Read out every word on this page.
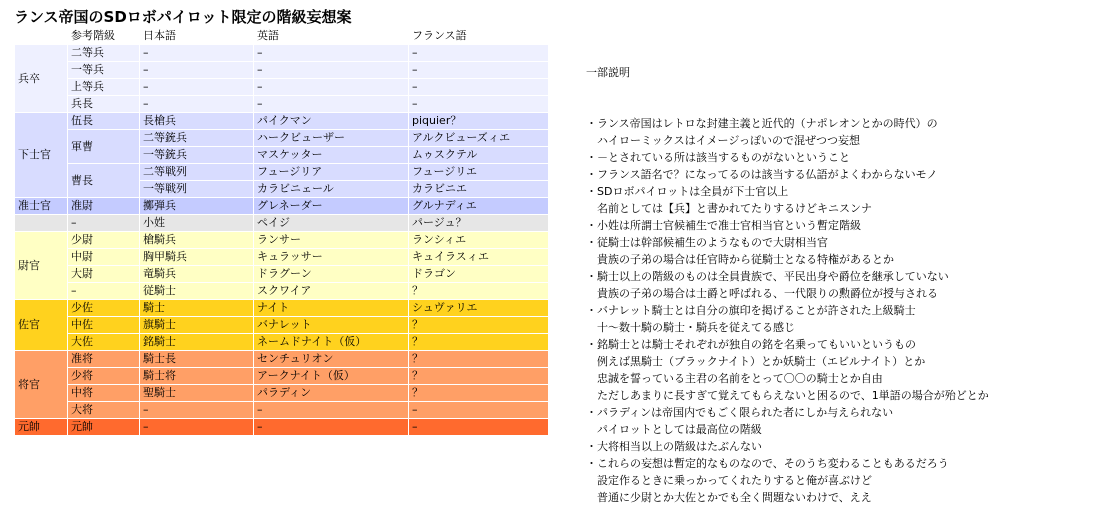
ランス帝国のSDロボパイロット限定の階級妄想案
	参考階級	日本語	英語	フランス語
兵卒	二等兵	–	–	–
	一等兵	–	–	–
	上等兵	–	–	–
	兵長	–	–	–
下士官	伍長	長槍兵	パイクマン	piquier？
	軍曹	二等銃兵	ハークビューザー	アルクビューズィエ
		一等銃兵	マスケッター	ムゥスクテル
	曹長	二等戦列	フュージリア	フュージリエ
		一等戦列	カラビニェール	カラビニエ
准士官	准尉	擲弾兵	グレネーダー	グルナディエ
	–	小姓	ペイジ	パージュ？
尉官	少尉	槍騎兵	ランサー	ランシィエ
	中尉	胸甲騎兵	キュラッサー	キュイラスィエ
	大尉	竜騎兵	ドラグーン	ドラゴン
	–	従騎士	スクワイア	？
佐官	少佐	騎士	ナイト	シュヴァリエ
	中佐	旗騎士	バナレット	？
	大佐	銘騎士	ネームドナイト（仮）	？
将官	准将	騎士長	センチュリオン	？
	少将	騎士将	アークナイト（仮）	？
	中将	聖騎士	パラディン	？
	大将	–	–	–
元帥	元帥	–	–	–

一部説明

・ランス帝国はレトロな封建主義と近代的（ナポレオンとかの時代）の
　ハイローミックスはイメージっぽいので混ぜつつ妄想
・－とされている所は該当するものがないということ
・フランス語名で？になってるのは該当する仏語がよくわからないモノ
・SDロボパイロットは全員が下士官以上
　名前としては【兵】と書かれてたりするけどキニスンナ
・小姓は所謂士官候補生で准士官相当官という暫定階級
・従騎士は幹部候補生のようなもので大尉相当官
　貴族の子弟の場合は任官時から従騎士となる特権があるとか
・騎士以上の階級のものは全員貴族で、平民出身や爵位を継承していない
　貴族の子弟の場合は士爵と呼ばれる、一代限りの勲爵位が授与される
・バナレット騎士とは自分の旗印を掲げることが許された上級騎士
　十～数十騎の騎士・騎兵を従えてる感じ
・銘騎士とは騎士それぞれが独自の銘を名乗ってもいいというもの
　例えば黒騎士（ブラックナイト）とか妖騎士（エビルナイト）とか
　忠誠を誓っている主君の名前をとって〇〇の騎士とか自由
　ただしあまりに長すぎて覚えてもらえないと困るので、1単語の場合が殆どとか
・パラディンは帝国内でもごく限られた者にしか与えられない
　パイロットとしては最高位の階級
・大将相当以上の階級はたぶんない
・これらの妄想は暫定的なものなので、そのうち変わることもあるだろう
　設定作るときに乗っかってくれたりすると俺が喜ぶけど
　普通に少尉とか大佐とかでも全く問題ないわけで、ええ
